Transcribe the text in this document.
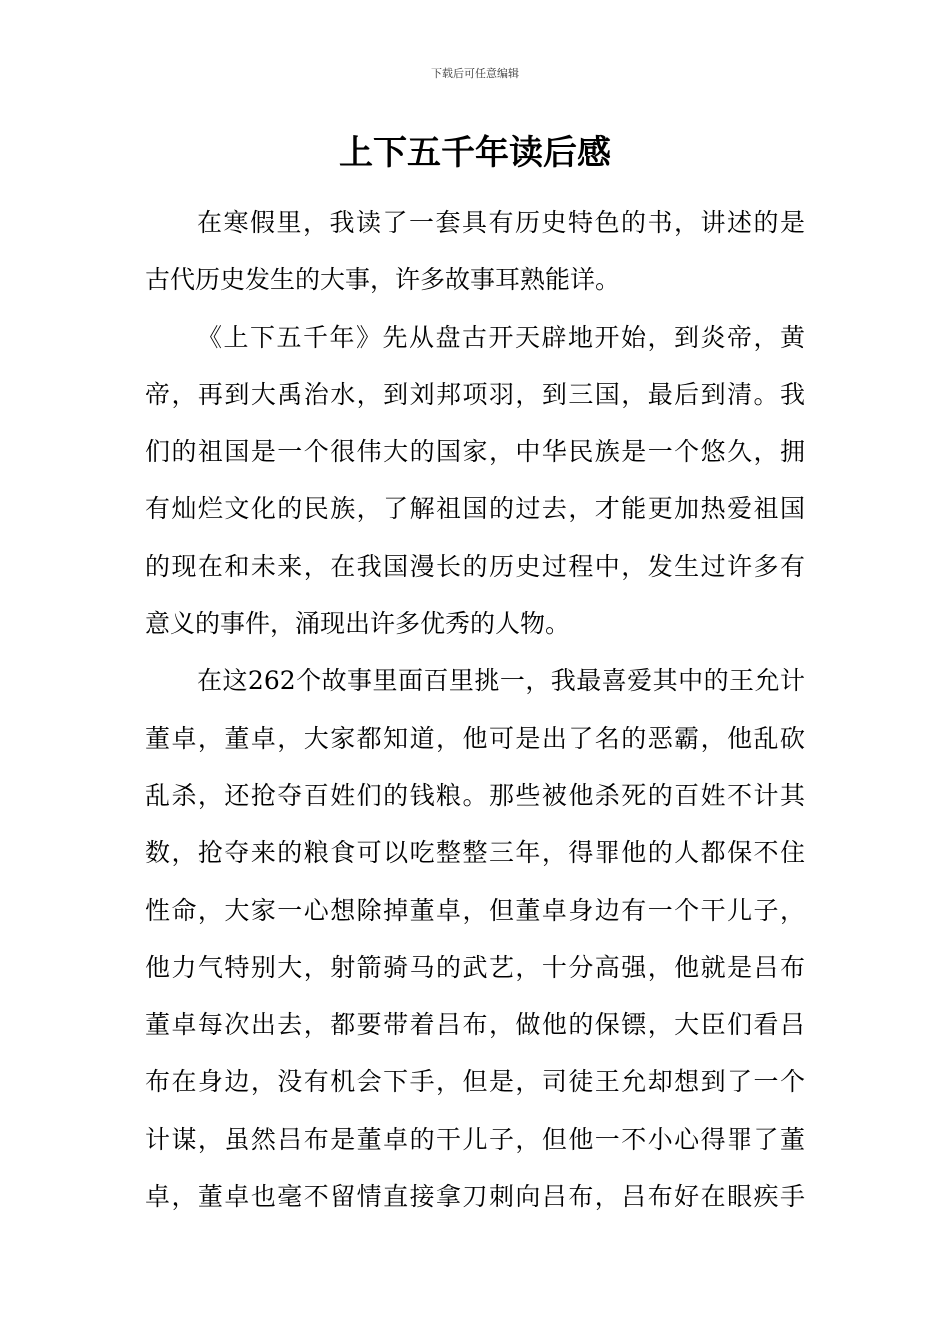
下载后可任意编辑
上下五千年读后感
在寒假里，我读了一套具有历史特色的书，讲述的是
古代历史发生的大事，许多故事耳熟能详。
《上下五千年》先从盘古开天辟地开始，到炎帝，黄
帝，再到大禹治水，到刘邦项羽，到三国，最后到清。我
们的祖国是一个很伟大的国家，中华民族是一个悠久，拥
有灿烂文化的民族，了解祖国的过去，才能更加热爱祖国
的现在和未来，在我国漫长的历史过程中，发生过许多有
意义的事件，涌现出许多优秀的人物。
在这262个故事里面百里挑一，我最喜爱其中的王允计
董卓，董卓，大家都知道，他可是出了名的恶霸，他乱砍
乱杀，还抢夺百姓们的钱粮。那些被他杀死的百姓不计其
数，抢夺来的粮食可以吃整整三年，得罪他的人都保不住
性命，大家一心想除掉董卓，但董卓身边有一个干儿子，
他力气特别大，射箭骑马的武艺，十分高强，他就是吕布
董卓每次出去，都要带着吕布，做他的保镖，大臣们看吕
布在身边，没有机会下手，但是，司徒王允却想到了一个
计谋，虽然吕布是董卓的干儿子，但他一不小心得罪了董
卓，董卓也毫不留情直接拿刀刺向吕布，吕布好在眼疾手
